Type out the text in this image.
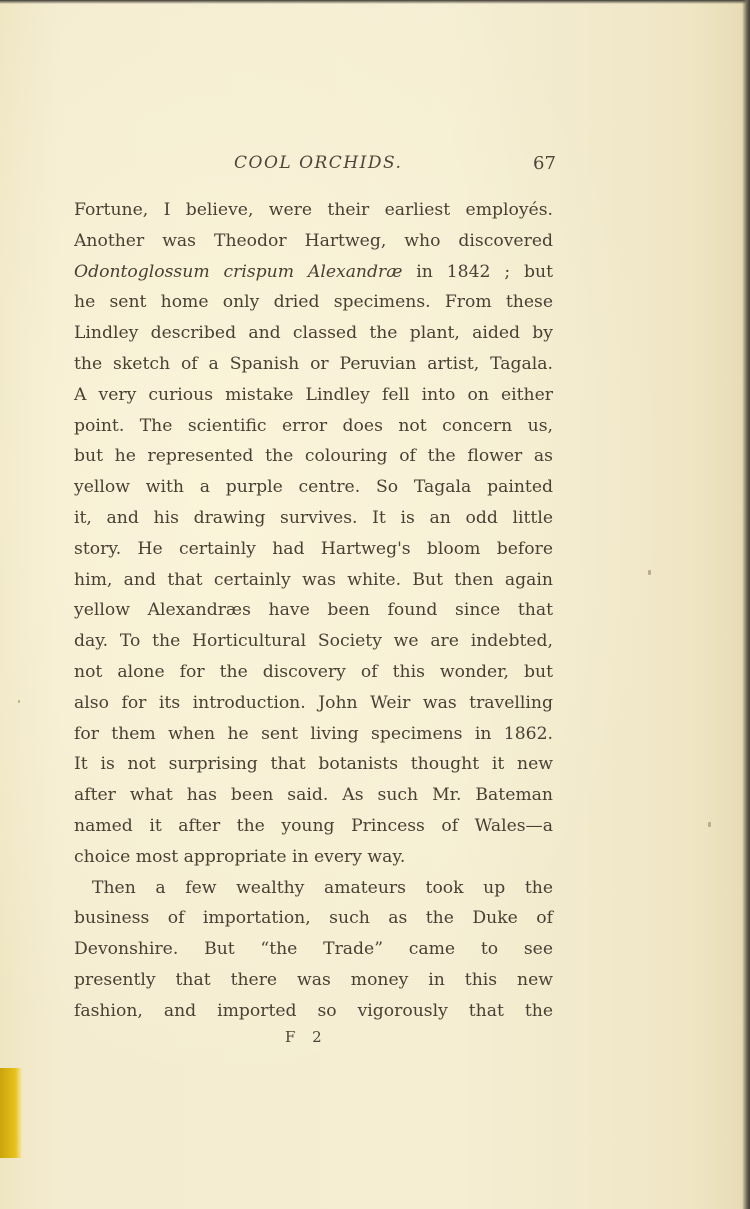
COOL ORCHIDS.	67
Fortune, I believe, were their earliest employés.
Another was Theodor Hartweg, who discovered
Odontoglossum crispum Alexandræ in 1842 ; but
he sent home only dried specimens. From these
Lindley described and classed the plant, aided by
the sketch of a Spanish or Peruvian artist, Tagala.
A very curious mistake Lindley fell into on either
point. The scientific error does not concern us,
but he represented the colouring of the flower as
yellow with a purple centre. So Tagala painted
it, and his drawing survives. It is an odd little
story. He certainly had Hartweg's bloom before
him, and that certainly was white. But then again
yellow Alexandræs have been found since that
day. To the Horticultural Society we are indebted,
not alone for the discovery of this wonder, but
also for its introduction. John Weir was travelling
for them when he sent living specimens in 1862.
It is not surprising that botanists thought it new
after what has been said. As such Mr. Bateman
named it after the young Princess of Wales—a
choice most appropriate in every way.
Then a few wealthy amateurs took up the
business of importation, such as the Duke of
Devonshire. But “the Trade” came to see
presently that there was money in this new
fashion, and imported so vigorously that the
F 2
